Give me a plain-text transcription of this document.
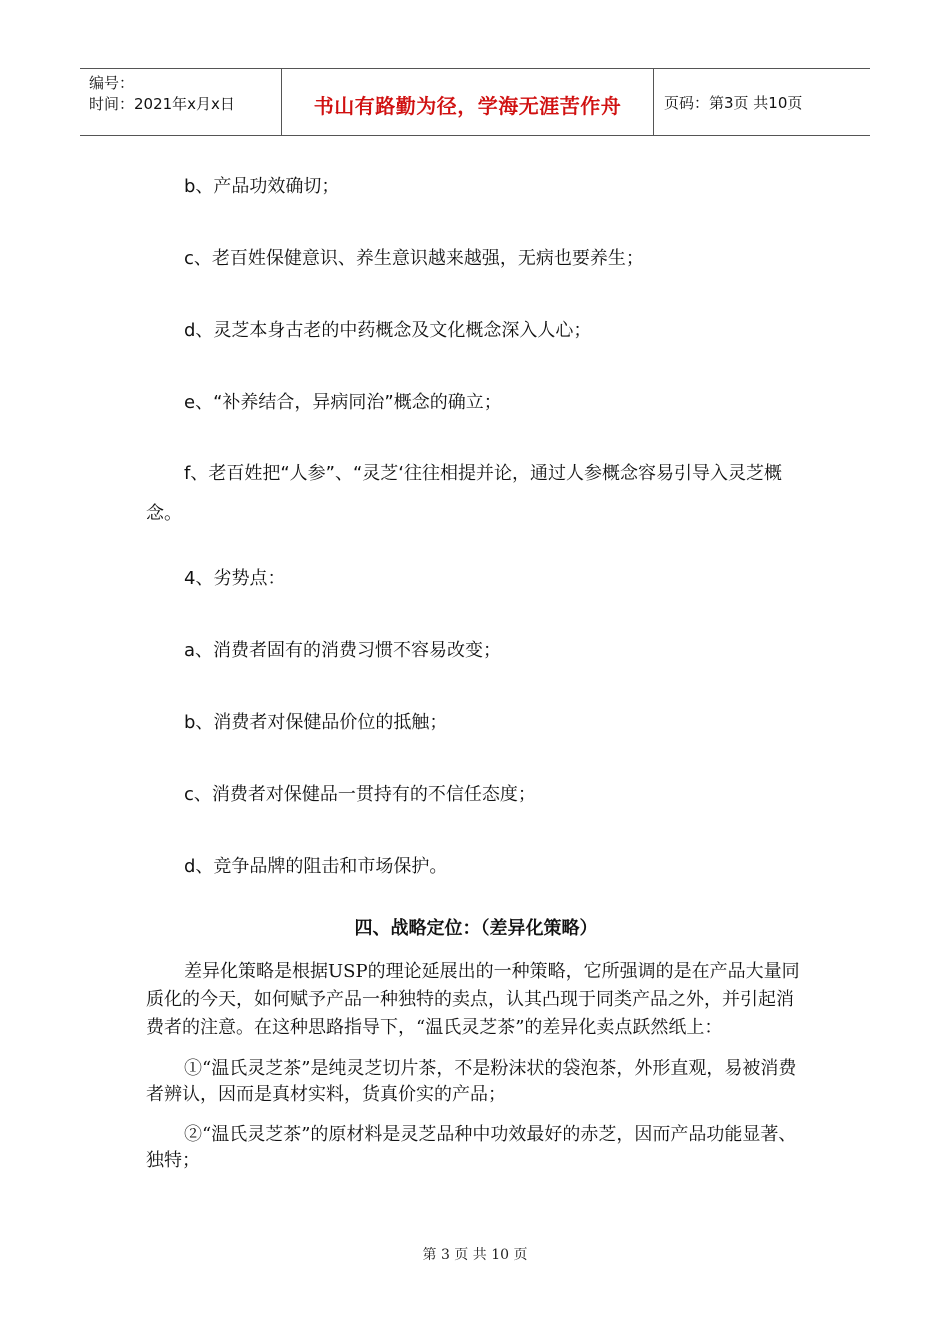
编号：
时间：2021年x月x日	书山有路勤为径，学海无涯苦作舟	页码：第3页 共10页

b、产品功效确切；

c、老百姓保健意识、养生意识越来越强，无病也要养生；

d、灵芝本身古老的中药概念及文化概念深入人心；

e、“补养结合，异病同治”概念的确立；

f、老百姓把“人参”、“灵芝‘往往相提并论，通过人参概念容易引导入灵芝概念。

4、劣势点：

a、消费者固有的消费习惯不容易改变；

b、消费者对保健品价位的抵触；

c、消费者对保健品一贯持有的不信任态度；

d、竞争品牌的阻击和市场保护。

四、战略定位：（差异化策略）

差异化策略是根据USP的理论延展出的一种策略，它所强调的是在产品大量同质化的今天，如何赋予产品一种独特的卖点，认其凸现于同类产品之外，并引起消费者的注意。在这种思路指导下，“温氏灵芝茶”的差异化卖点跃然纸上：

①“温氏灵芝茶”是纯灵芝切片茶，不是粉沫状的袋泡茶，外形直观，易被消费者辨认，因而是真材实料，货真价实的产品；

②“温氏灵芝茶”的原材料是灵芝品种中功效最好的赤芝，因而产品功能显著、独特；

第 3 页 共 10 页
